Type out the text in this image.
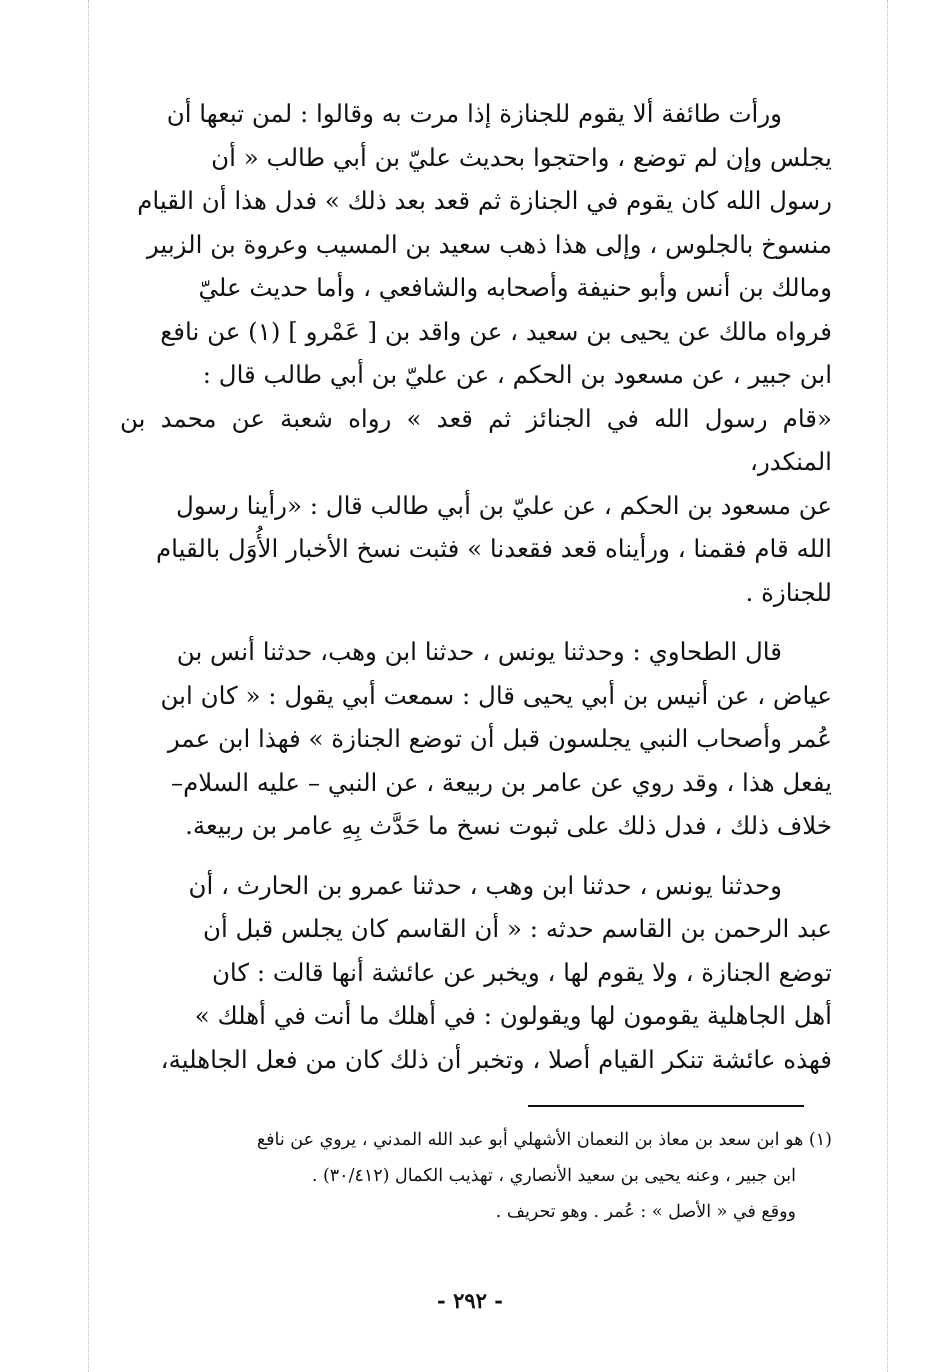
ورأت طائفة ألا يقوم للجنازة إذا مرت به وقالوا : لمن تبعها أن
يجلس وإن لم توضع ، واحتجوا بحديث عليّ بن أبي طالب « أن
رسول الله كان يقوم في الجنازة ثم قعد بعد ذلك » فدل هذا أن القيام
منسوخ بالجلوس ، وإلى هذا ذهب سعيد بن المسيب وعروة بن الزبير
ومالك بن أنس وأبو حنيفة وأصحابه والشافعي ، وأما حديث عليّ
فرواه مالك عن يحيى بن سعيد ، عن واقد بن [ عَمْرو ] (١) عن نافع
ابن جبير ، عن مسعود بن الحكم ، عن عليّ بن أبي طالب قال :
«قام رسول الله في الجنائز ثم قعد » رواه شعبة عن محمد بن المنكدر،
عن مسعود بن الحكم ، عن عليّ بن أبي طالب قال : «رأينا رسول
الله قام فقمنا ، ورأيناه قعد فقعدنا » فثبت نسخ الأخبار الأُوَل بالقيام
للجنازة .
قال الطحاوي : وحدثنا يونس ، حدثنا ابن وهب، حدثنا أنس بن
عياض ، عن أنيس بن أبي يحيى قال : سمعت أبي يقول : « كان ابن
عُمر وأصحاب النبي يجلسون قبل أن توضع الجنازة » فهذا ابن عمر
يفعل هذا ، وقد روي عن عامر بن ربيعة ، عن النبي – عليه السلام–
خلاف ذلك ، فدل ذلك على ثبوت نسخ ما حَدَّث بِهِ عامر بن ربيعة.
وحدثنا يونس ، حدثنا ابن وهب ، حدثنا عمرو بن الحارث ، أن
عبد الرحمن بن القاسم حدثه : « أن القاسم كان يجلس قبل أن
توضع الجنازة ، ولا يقوم لها ، ويخبر عن عائشة أنها قالت : كان
أهل الجاهلية يقومون لها ويقولون : في أهلك ما أنت في أهلك »
فهذه عائشة تنكر القيام أصلا ، وتخبر أن ذلك كان من فعل الجاهلية،

(١) هو ابن سعد بن معاذ بن النعمان الأشهلي أبو عبد الله المدني ، يروي عن نافع

ابن جبير ، وعنه يحيى بن سعيد الأنصاري ، تهذيب الكمال (٣٠/٤١٢) .

ووقع في « الأصل » : عُمر . وهو تحريف .

- ٢٩٢ -
